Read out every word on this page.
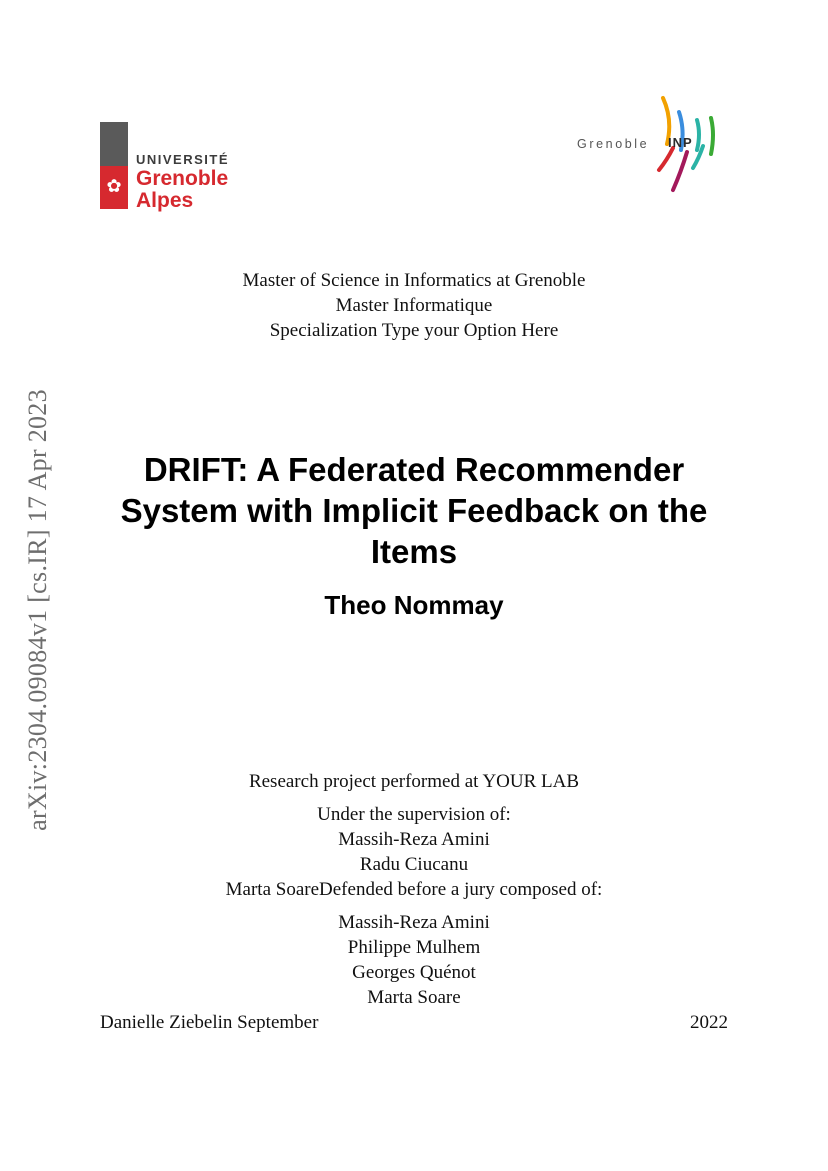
✿
UNIVERSITÉ
Grenoble
Alpes
Grenoble INP
arXiv:2304.09084v1 [cs.IR] 17 Apr 2023
Master of Science in Informatics at Grenoble
Master Informatique
Specialization Type your Option Here
DRIFT: A Federated Recommender
System with Implicit Feedback on the
Items
Theo Nommay
Research project performed at YOUR LAB
Under the supervision of:
Massih-Reza Amini
Radu Ciucanu
Marta SoareDefended before a jury composed of:
Massih-Reza Amini
Philippe Mulhem
Georges Quénot
Marta Soare
Danielle Ziebelin September	2022
